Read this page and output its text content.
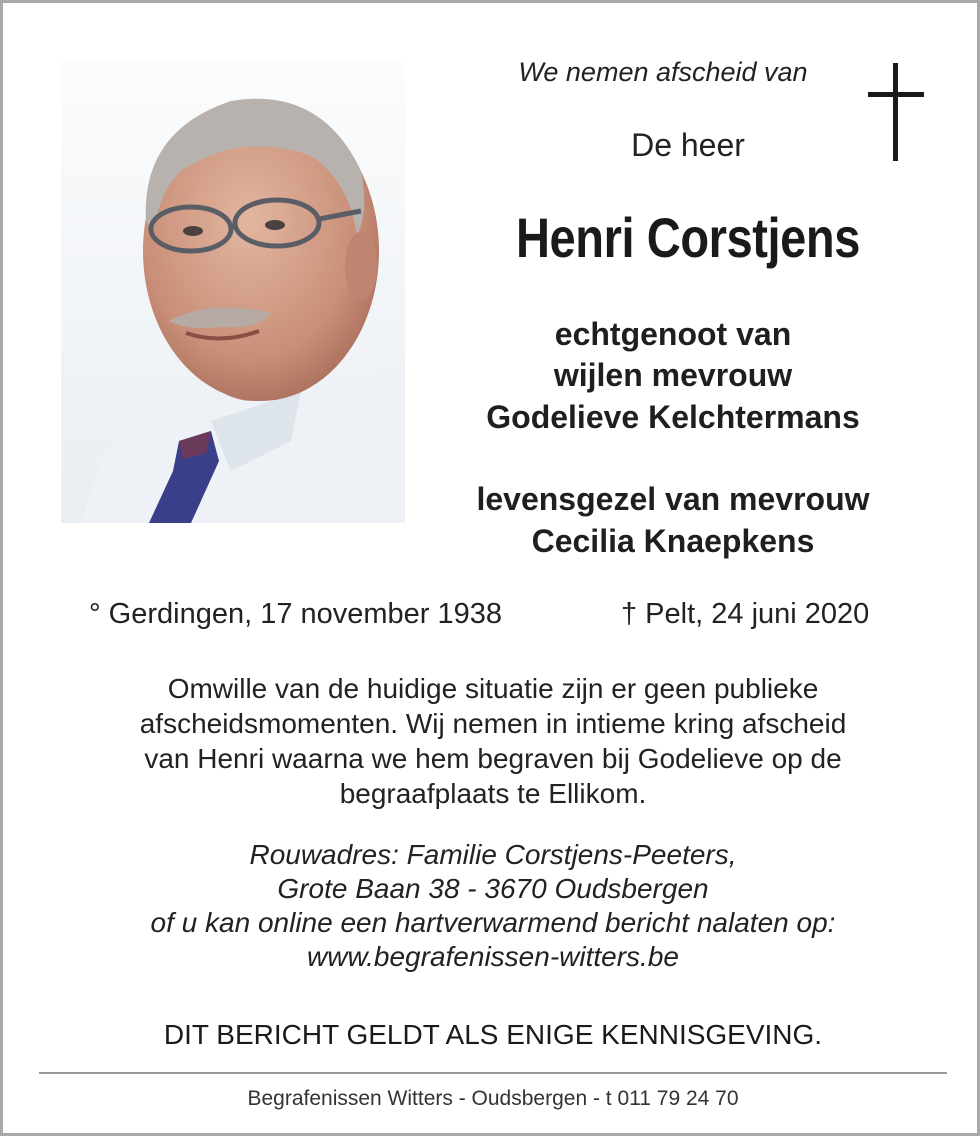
We nemen afscheid van
De heer
Henri Corstjens
echtgenoot van
wijlen mevrouw
Godelieve Kelchtermans
levensgezel van mevrouw
Cecilia Knaepkens
° Gerdingen, 17 november 1938	† Pelt, 24 juni 2020
Omwille van de huidige situatie zijn er geen publieke
afscheidsmomenten. Wij nemen in intieme kring afscheid
van Henri waarna we hem begraven bij Godelieve op de
begraafplaats te Ellikom.
Rouwadres: Familie Corstjens-Peeters,
Grote Baan 38 - 3670 Oudsbergen
of u kan online een hartverwarmend bericht nalaten op:
www.begrafenissen-witters.be
DIT BERICHT GELDT ALS ENIGE KENNISGEVING.
Begrafenissen Witters - Oudsbergen - t 011 79 24 70
